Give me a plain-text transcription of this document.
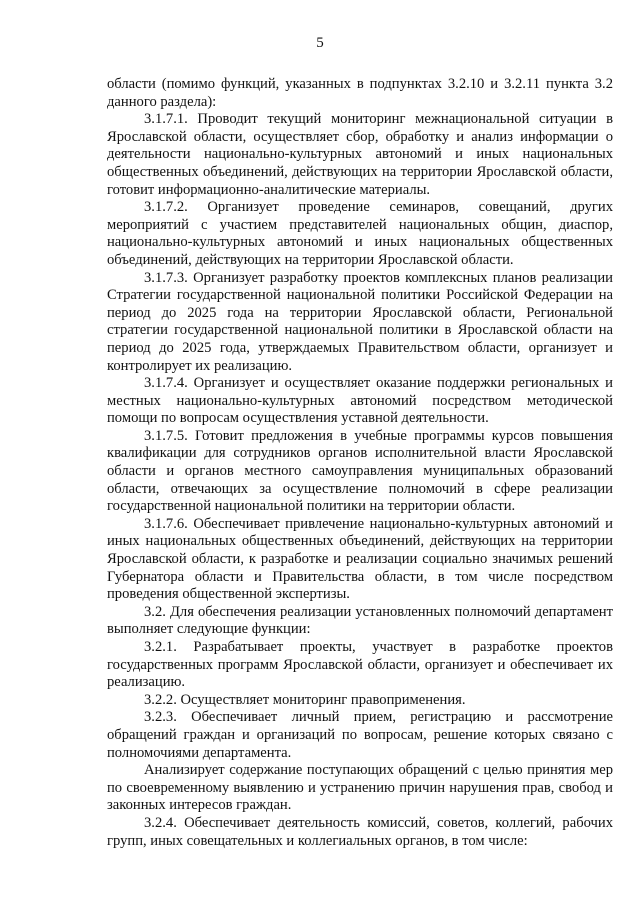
5

области (помимо функций, указанных в подпунктах 3.2.10 и 3.2.11 пункта 3.2 данного раздела):

3.1.7.1. Проводит текущий мониторинг межнациональной ситуации в Ярославской области, осуществляет сбор, обработку и анализ информации о деятельности национально-культурных автономий и иных национальных общественных объединений, действующих на территории Ярославской области, готовит информационно-аналитические материалы.

3.1.7.2. Организует проведение семинаров, совещаний, других мероприятий с участием представителей национальных общин, диаспор, национально-культурных автономий и иных национальных общественных объединений, действующих на территории Ярославской области.

3.1.7.3. Организует разработку проектов комплексных планов реализации Стратегии государственной национальной политики Российской Федерации на период до 2025 года на территории Ярославской области, Региональной стратегии государственной национальной политики в Ярославской области на период до 2025 года, утверждаемых Правительством области, организует и контролирует их реализацию.

3.1.7.4. Организует и осуществляет оказание поддержки региональных и местных национально-культурных автономий посредством методической помощи по вопросам осуществления уставной деятельности.

3.1.7.5. Готовит предложения в учебные программы курсов повышения квалификации для сотрудников органов исполнительной власти Ярославской области и органов местного самоуправления муниципальных образований области, отвечающих за осуществление полномочий в сфере реализации государственной национальной политики на территории области.

3.1.7.6. Обеспечивает привлечение национально-культурных автономий и иных национальных общественных объединений, действующих на территории Ярославской области, к разработке и реализации социально значимых решений Губернатора области и Правительства области, в том числе посредством проведения общественной экспертизы.

3.2. Для обеспечения реализации установленных полномочий департамент выполняет следующие функции:

3.2.1. Разрабатывает проекты, участвует в разработке проектов государственных программ Ярославской области, организует и обеспечивает их реализацию.

3.2.2. Осуществляет мониторинг правоприменения.

3.2.3. Обеспечивает личный прием, регистрацию и рассмотрение обращений граждан и организаций по вопросам, решение которых связано с полномочиями департамента.

Анализирует содержание поступающих обращений с целью принятия мер по своевременному выявлению и устранению причин нарушения прав, свобод и законных интересов граждан.

3.2.4. Обеспечивает деятельность комиссий, советов, коллегий, рабочих групп, иных совещательных и коллегиальных органов, в том числе:
